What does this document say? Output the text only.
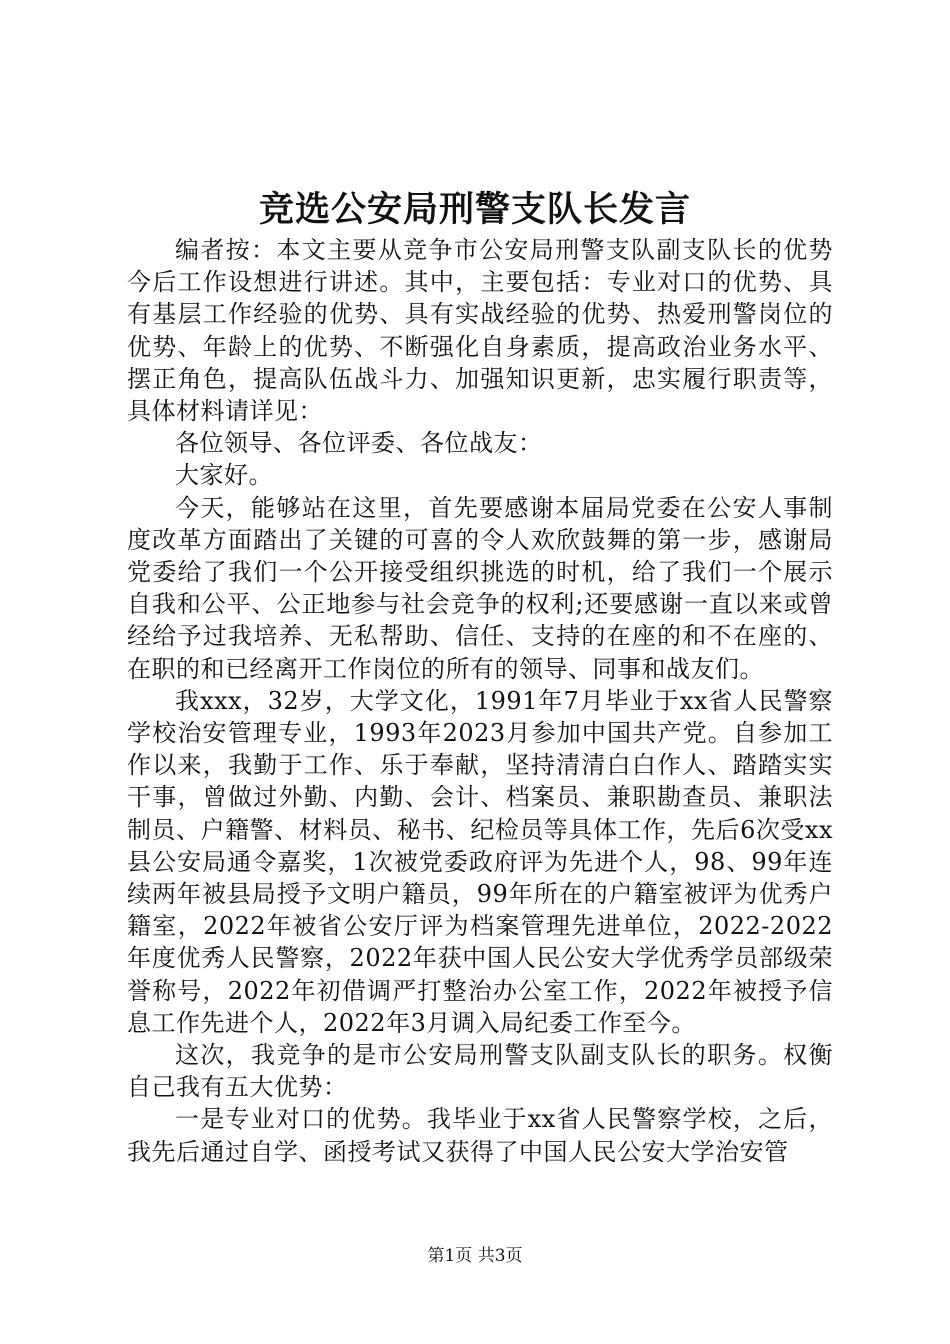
竞选公安局刑警支队长发言

编者按：本文主要从竞争市公安局刑警支队副支队长的优势今后工作设想进行讲述。其中，主要包括：专业对口的优势、具有基层工作经验的优势、具有实战经验的优势、热爱刑警岗位的优势、年龄上的优势、不断强化自身素质，提高政治业务水平、摆正角色，提高队伍战斗力、加强知识更新，忠实履行职责等，具体材料请详见：

各位领导、各位评委、各位战友：

大家好。

今天，能够站在这里，首先要感谢本届局党委在公安人事制度改革方面踏出了关键的可喜的令人欢欣鼓舞的第一步，感谢局党委给了我们一个公开接受组织挑选的时机，给了我们一个展示自我和公平、公正地参与社会竞争的权利;还要感谢一直以来或曾经给予过我培养、无私帮助、信任、支持的在座的和不在座的、在职的和已经离开工作岗位的所有的领导、同事和战友们。

我xxx，32岁，大学文化，1991年7月毕业于xx省人民警察学校治安管理专业，1993年2023月参加中国共产党。自参加工作以来，我勤于工作、乐于奉献，坚持清清白白作人、踏踏实实干事，曾做过外勤、内勤、会计、档案员、兼职勘查员、兼职法制员、户籍警、材料员、秘书、纪检员等具体工作，先后6次受xx县公安局通令嘉奖，1次被党委政府评为先进个人，98、99年连续两年被县局授予文明户籍员，99年所在的户籍室被评为优秀户籍室，2022年被省公安厅评为档案管理先进单位，2022-2022年度优秀人民警察，2022年获中国人民公安大学优秀学员部级荣誉称号，2022年初借调严打整治办公室工作，2022年被授予信息工作先进个人，2022年3月调入局纪委工作至今。

这次，我竞争的是市公安局刑警支队副支队长的职务。权衡自己我有五大优势：

一是专业对口的优势。我毕业于xx省人民警察学校，之后，我先后通过自学、函授考试又获得了中国人民公安大学治安管

第1页 共3页
